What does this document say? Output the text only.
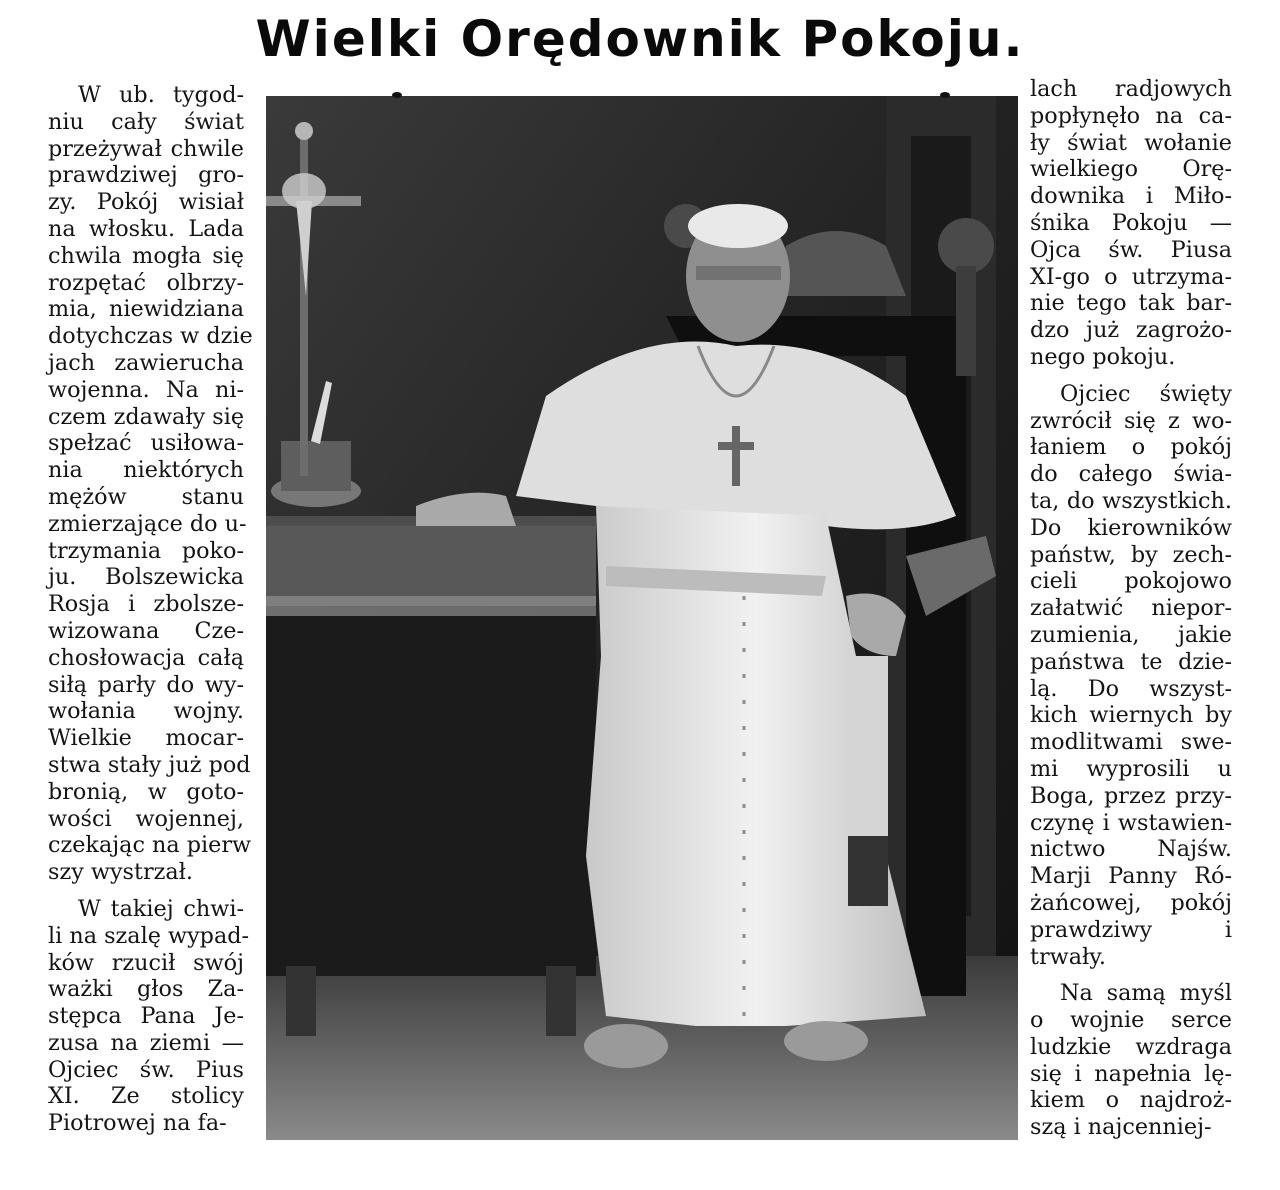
Wielki Orędownik Pokoju.
W ub. tygod-
niu cały świat
przeżywał chwile
prawdziwej gro-
zy. Pokój wisiał
na włosku. Lada
chwila mogła się
rozpętać olbrzy-
mia, niewidziana
dotychczas w dzie
jach zawierucha
wojenna. Na ni-
czem zdawały się
spełzać usiłowa-
nia niektórych
mężów stanu
zmierzające do u-
trzymania poko-
ju. Bolszewicka
Rosja i zbolsze-
wizowana Cze-
chosłowacja całą
siłą parły do wy-
wołania wojny.
Wielkie mocar-
stwa stały już pod
bronią, w goto-
wości wojennej,
czekając na pierw
szy wystrzał.
W takiej chwi-
li na szalę wypad-
ków rzucił swój
ważki głos Za-
stępca Pana Je-
zusa na ziemi —
Ojciec św. Pius
XI. Ze stolicy
Piotrowej na fa-
lach radjowych
popłynęło na ca-
ły świat wołanie
wielkiego Orę-
downika i Miło-
śnika Pokoju —
Ojca św. Piusa
XI-go o utrzyma-
nie tego tak bar-
dzo już zagrożo-
nego pokoju.
Ojciec święty
zwrócił się z wo-
łaniem o pokój
do całego świa-
ta, do wszystkich.
Do kierowników
państw, by zech-
cieli pokojowo
załatwić niepor-
zumienia, jakie
państwa te dzie-
lą. Do wszyst-
kich wiernych by
modlitwami swe-
mi wyprosili u
Boga, przez przy-
czynę i wstawien-
nictwo Najśw.
Marji Panny Ró-
żańcowej, pokój
prawdziwy i
trwały.
Na samą myśl
o wojnie serce
ludzkie wzdraga
się i napełnia lę-
kiem o najdroż-
szą i najcenniej-
